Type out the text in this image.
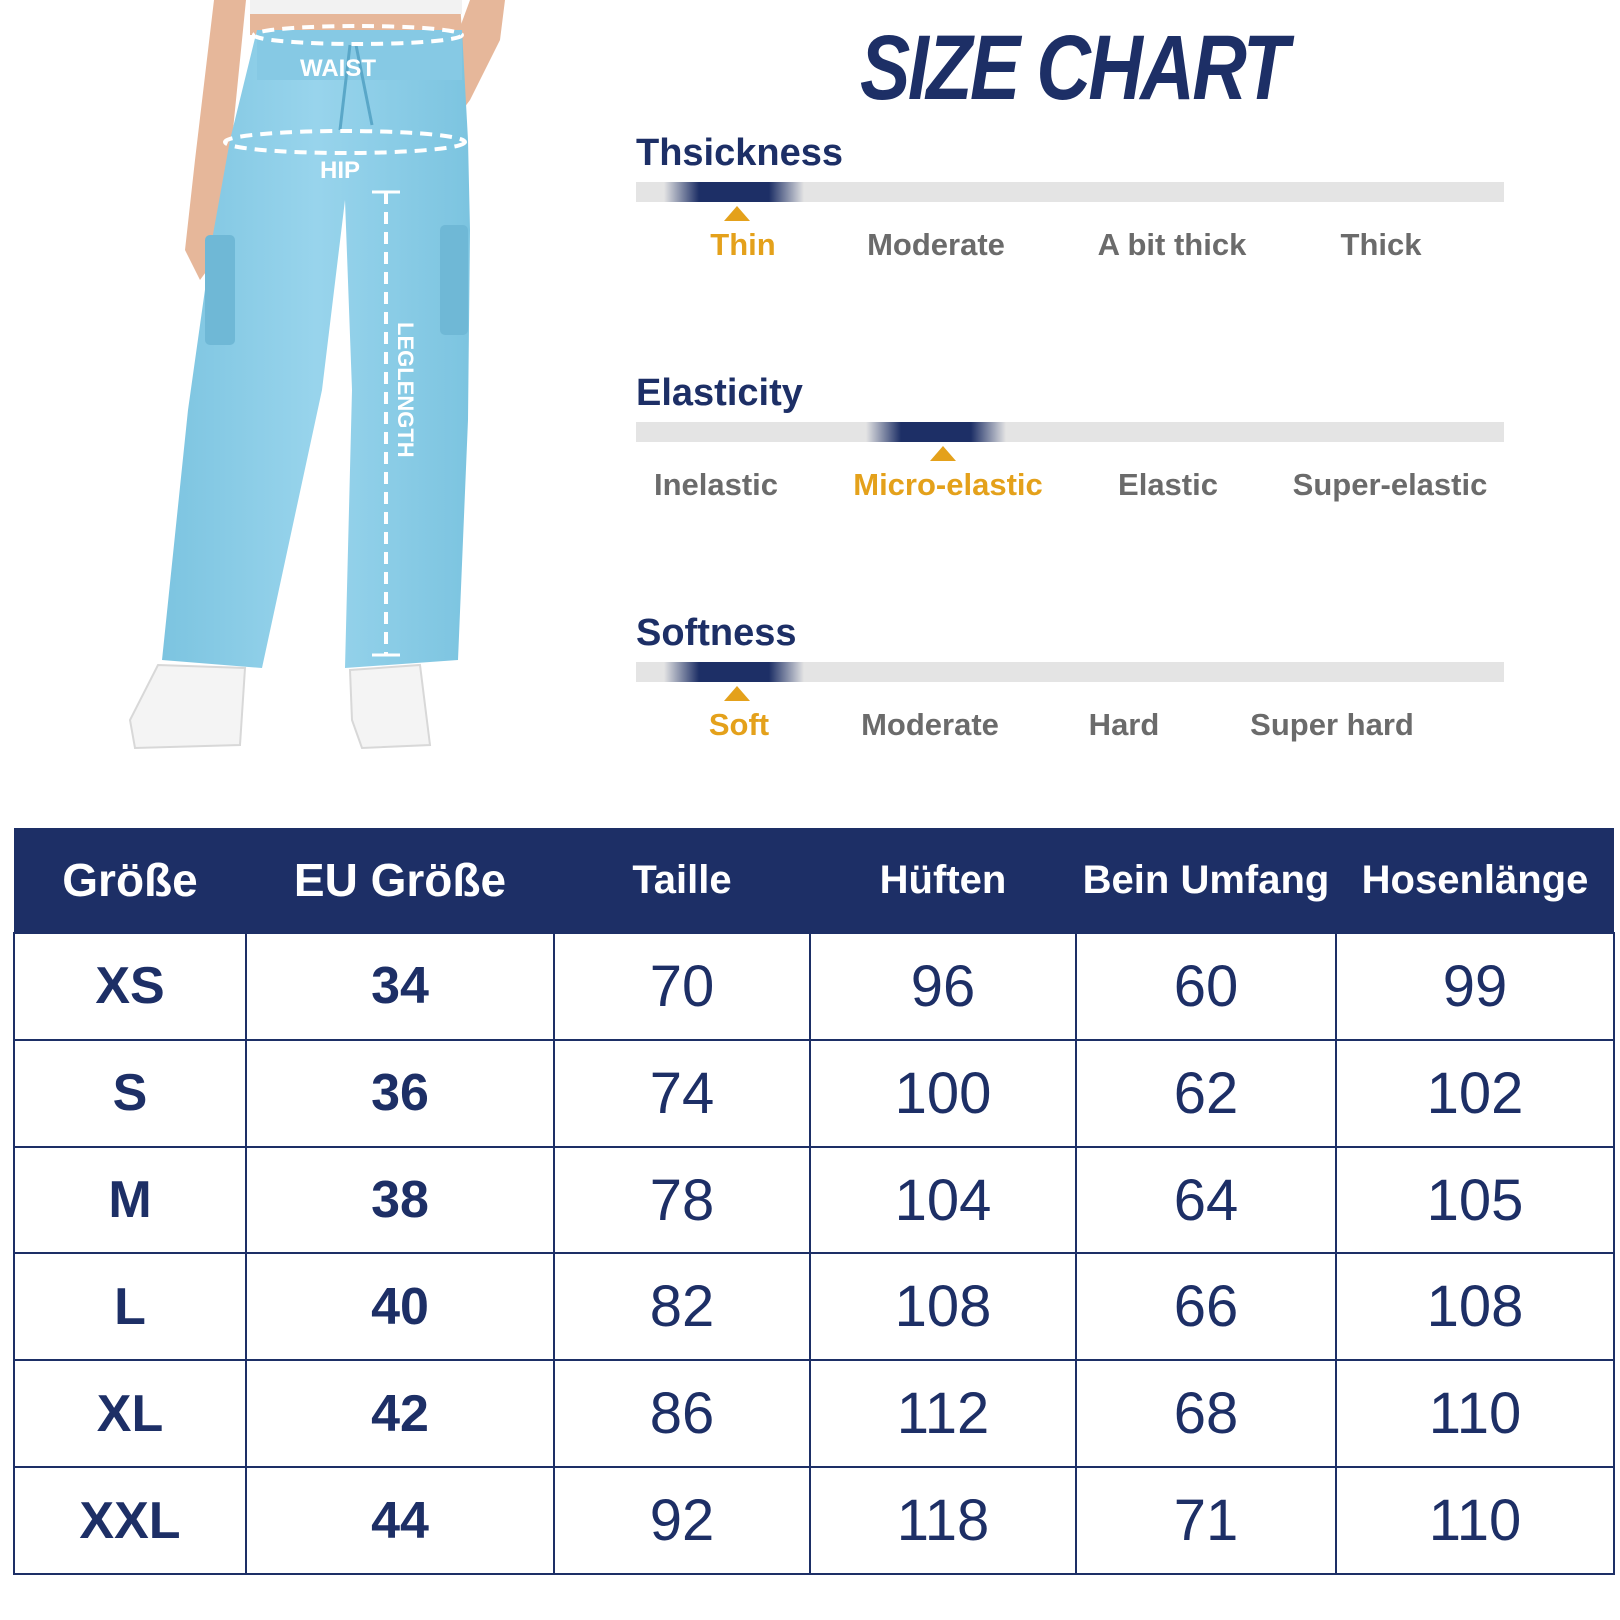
WAIST
HIP
LEGLENGTH
SIZE CHART
Thsickness
Thin	Moderate	A bit thick	Thick
Elasticity
Inelastic Micro-elastic Elastic Super-elastic
Softness
Soft	Moderate	Hard	Super hard
Größe	EU Größe	Taille	Hüften	Bein Umfang	Hosenlänge
XS	34	70	96	60	99
S	36	74	100	62	102
M	38	78	104	64	105
L	40	82	108	66	108
XL	42	86	112	68	110
XXL	44	92	118	71	110
